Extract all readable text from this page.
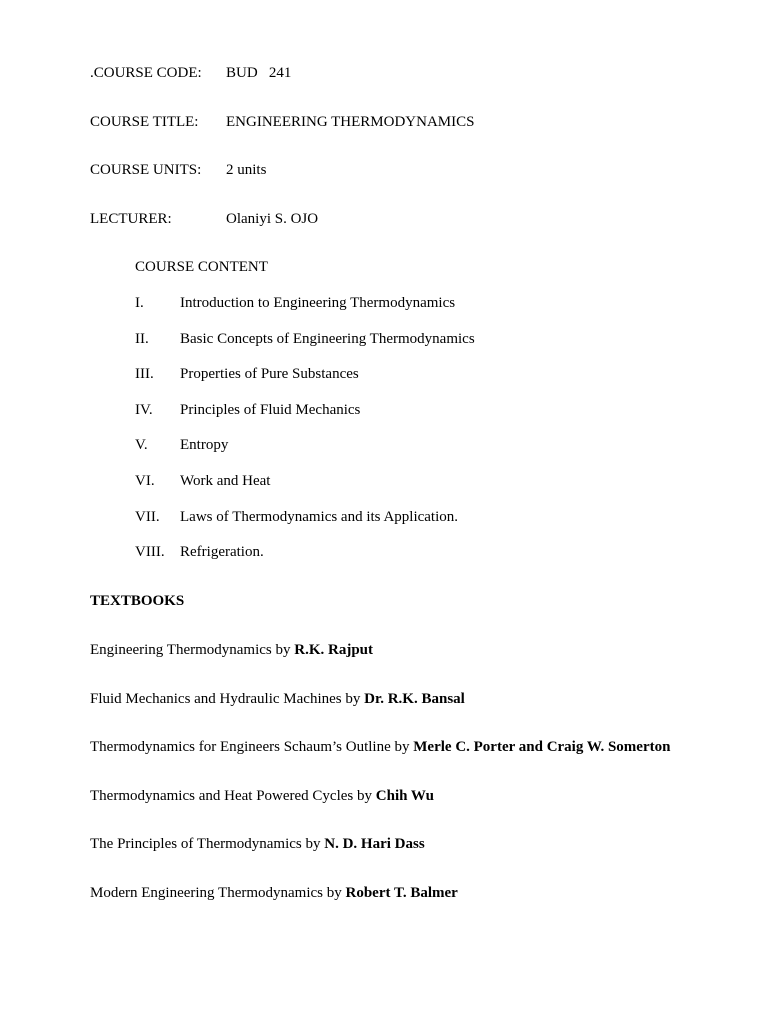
.COURSE CODE: BUD   241
COURSE TITLE: ENGINEERING THERMODYNAMICS
COURSE UNITS: 2 units
LECTURER:	Olaniyi S. OJO
COURSE CONTENT
I. Introduction to Engineering Thermodynamics
II. Basic Concepts of Engineering Thermodynamics
III. Properties of Pure Substances
IV. Principles of Fluid Mechanics
V. Entropy
VI. Work and Heat
VII. Laws of Thermodynamics and its Application.
VIII. Refrigeration.
TEXTBOOKS
Engineering Thermodynamics by R.K. Rajput
Fluid Mechanics and Hydraulic Machines by Dr. R.K. Bansal
Thermodynamics for Engineers Schaum’s Outline by Merle C. Porter and Craig W. Somerton
Thermodynamics and Heat Powered Cycles by Chih Wu
The Principles of Thermodynamics by N. D. Hari Dass
Modern Engineering Thermodynamics by Robert T. Balmer
